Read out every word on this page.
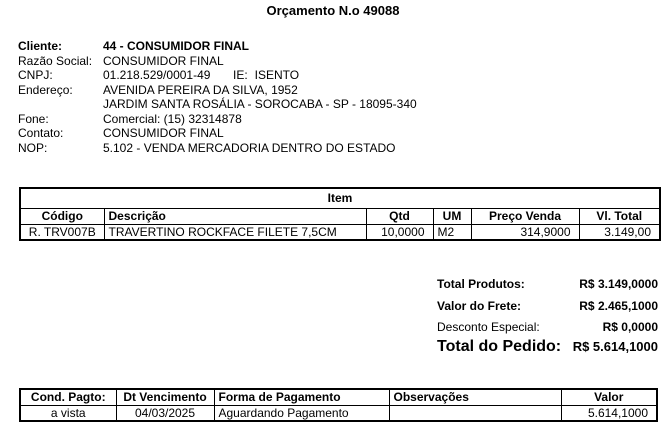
Orçamento N.o 49088
Cliente:	44 - CONSUMIDOR FINAL
Razão Social: CONSUMIDOR FINAL
CNPJ:	01.218.529/0001-49 IE: ISENTO
Endereço:	AVENIDA PEREIRA DA SILVA, 1952
JARDIM SANTA ROSÁLIA - SOROCABA - SP - 18095-340
Fone:	Comercial: (15) 32314878
Contato:	CONSUMIDOR FINAL
NOP:	5.102 - VENDA MERCADORIA DENTRO DO ESTADO
Item					
Código	Descrição	Qtd	UM	Preço Venda	Vl. Total
R. TRV007B	TRAVERTINO ROCKFACE FILETE 7,5CM	10,0000	M2	314,9000	3.149,00
Total Produtos:	R$ 3.149,0000
Valor do Frete:	R$ 2.465,1000
Desconto Especial:	R$ 0,0000
Total do Pedido: R$ 5.614,1000
Cond. Pagto:	Dt Vencimento	Forma de Pagamento	Observações	Valor
a vista	04/03/2025	Aguardando Pagamento		5.614,1000
